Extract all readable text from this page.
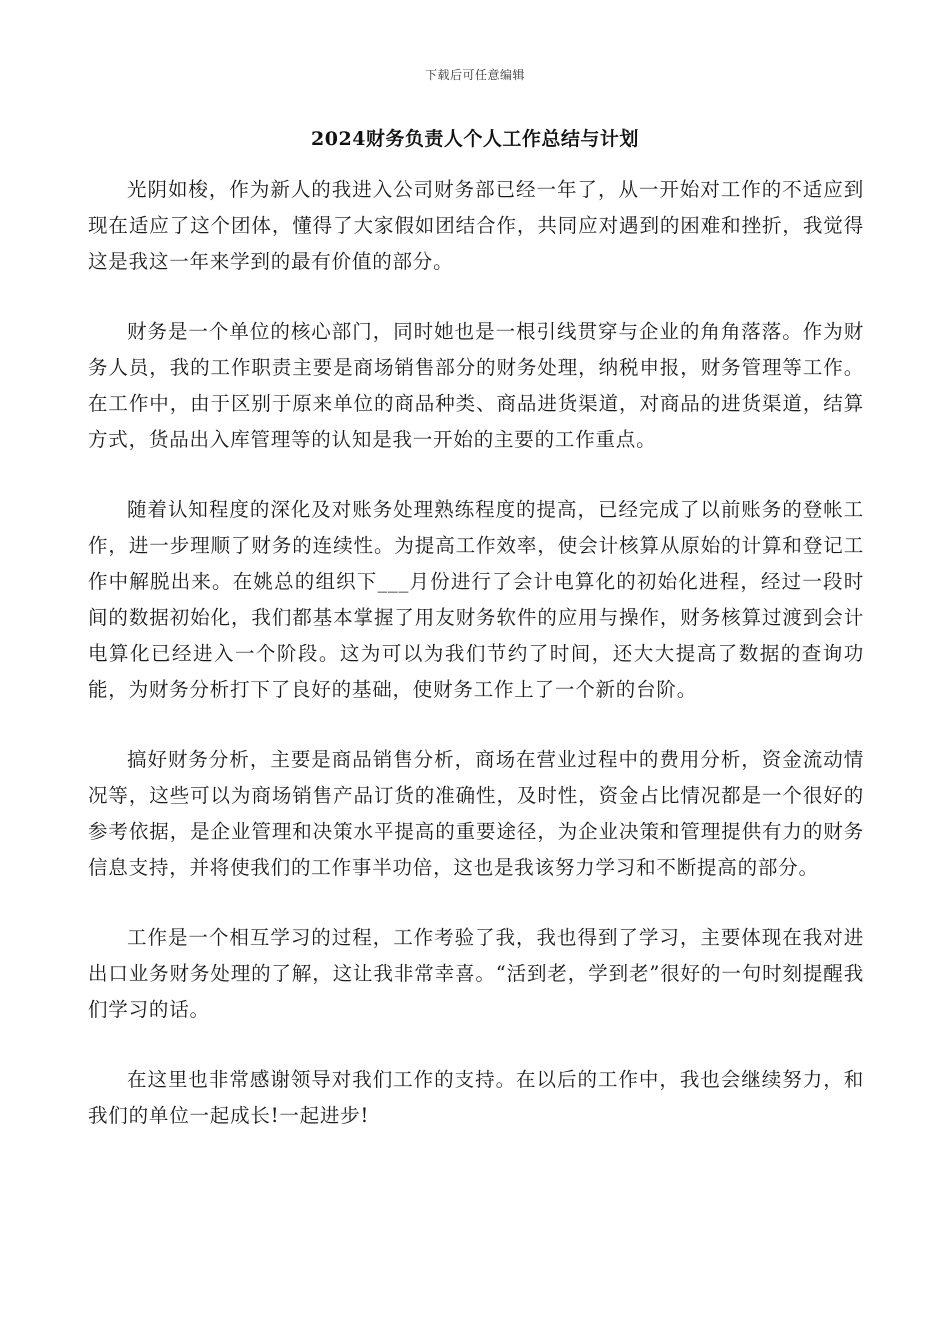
下载后可任意编辑
2024财务负责人个人工作总结与计划

光阴如梭，作为新人的我进入公司财务部已经一年了，从一开始对工作的不适应到现在适应了这个团体，懂得了大家假如团结合作，共同应对遇到的困难和挫折，我觉得这是我这一年来学到的最有价值的部分。

财务是一个单位的核心部门，同时她也是一根引线贯穿与企业的角角落落。作为财务人员，我的工作职责主要是商场销售部分的财务处理，纳税申报，财务管理等工作。在工作中，由于区别于原来单位的商品种类、商品进货渠道，对商品的进货渠道，结算方式，货品出入库管理等的认知是我一开始的主要的工作重点。

随着认知程度的深化及对账务处理熟练程度的提高，已经完成了以前账务的登帐工作，进一步理顺了财务的连续性。为提高工作效率，使会计核算从原始的计算和登记工作中解脱出来。在姚总的组织下___月份进行了会计电算化的初始化进程，经过一段时间的数据初始化，我们都基本掌握了用友财务软件的应用与操作，财务核算过渡到会计电算化已经进入一个阶段。这为可以为我们节约了时间，还大大提高了数据的查询功能，为财务分析打下了良好的基础，使财务工作上了一个新的台阶。

搞好财务分析，主要是商品销售分析，商场在营业过程中的费用分析，资金流动情况等，这些可以为商场销售产品订货的准确性，及时性，资金占比情况都是一个很好的参考依据，是企业管理和决策水平提高的重要途径，为企业决策和管理提供有力的财务信息支持，并将使我们的工作事半功倍，这也是我该努力学习和不断提高的部分。

工作是一个相互学习的过程，工作考验了我，我也得到了学习，主要体现在我对进出口业务财务处理的了解，这让我非常幸喜。“活到老，学到老”很好的一句时刻提醒我们学习的话。

在这里也非常感谢领导对我们工作的支持。在以后的工作中，我也会继续努力，和我们的单位一起成长!一起进步!
